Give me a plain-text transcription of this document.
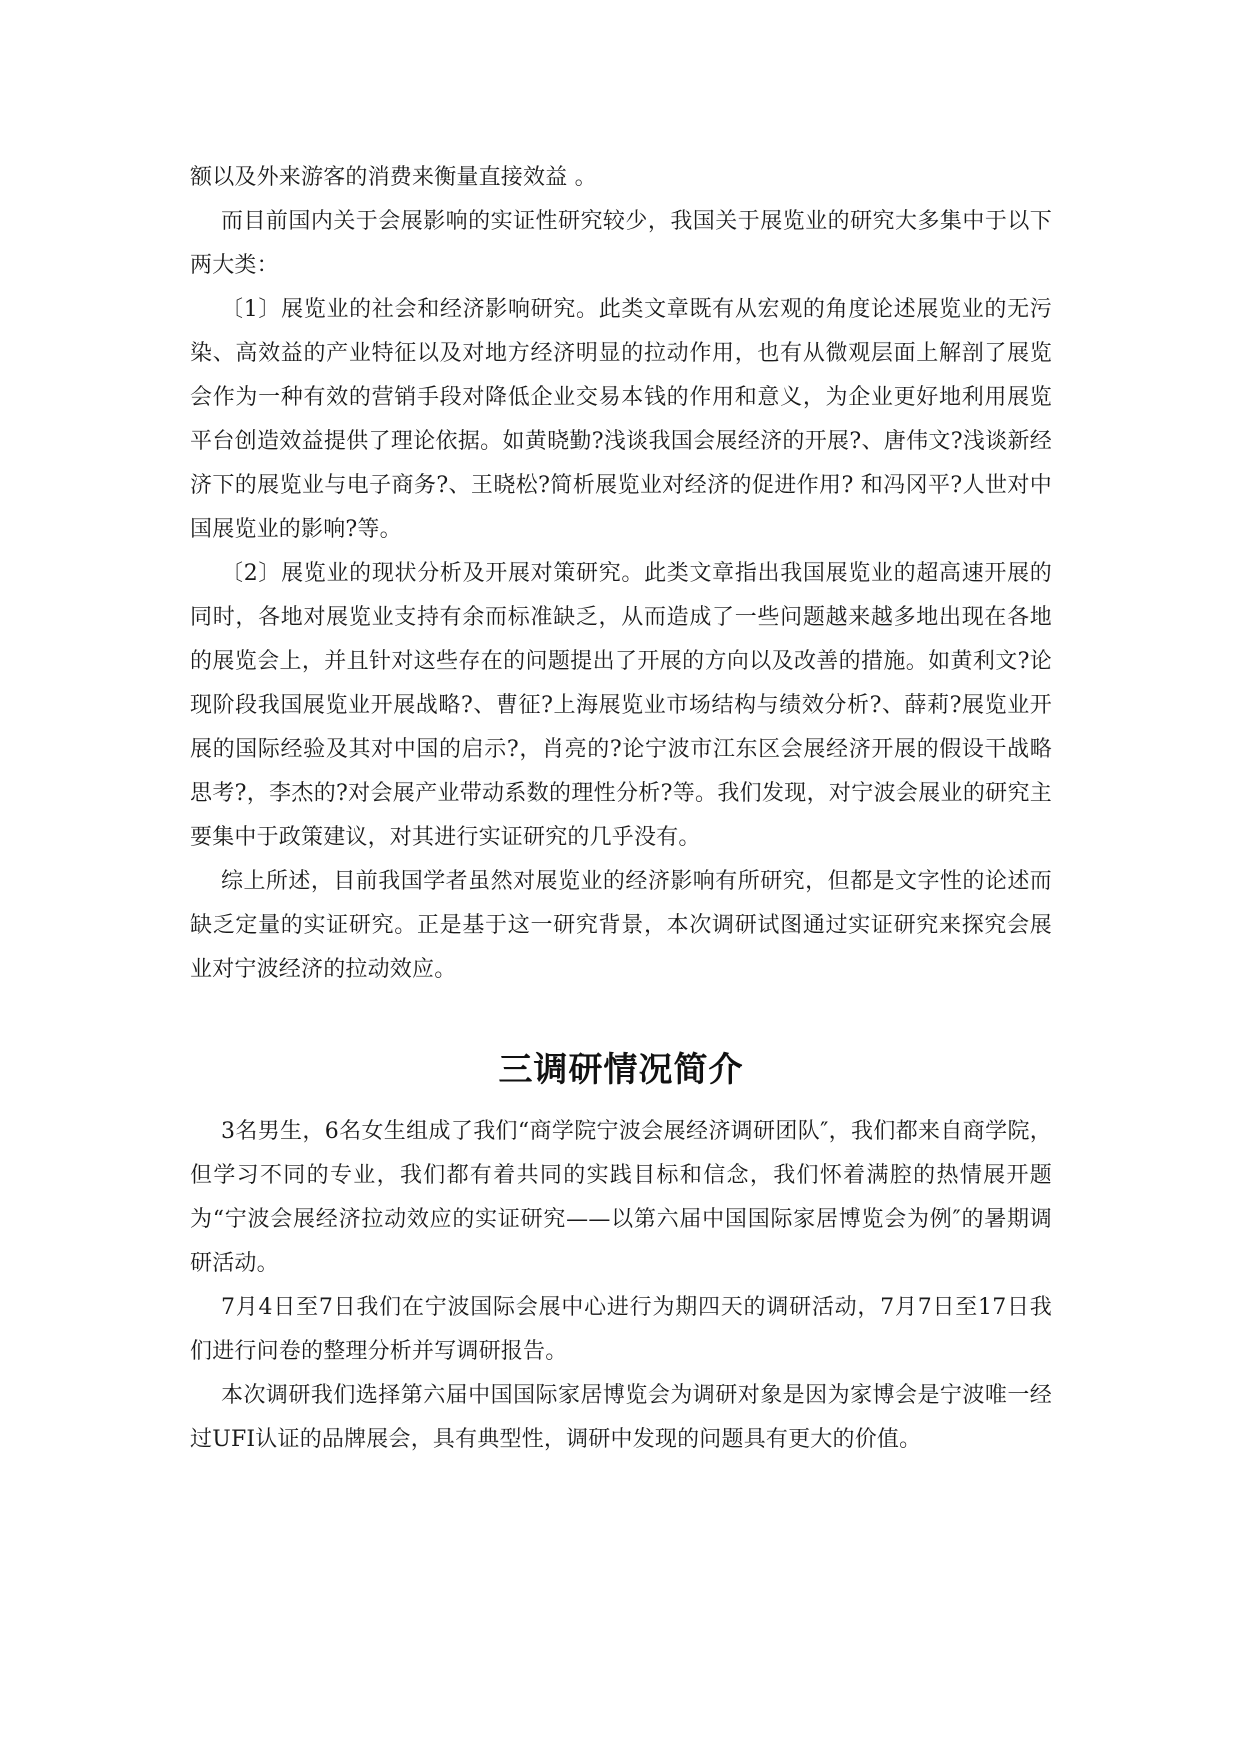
额以及外来游客的消费来衡量直接效益 。

而目前国内关于会展影响的实证性研究较少，我国关于展览业的研究大多集中于以下两大类：

〔1〕展览业的社会和经济影响研究。此类文章既有从宏观的角度论述展览业的无污染、高效益的产业特征以及对地方经济明显的拉动作用，也有从微观层面上解剖了展览会作为一种有效的营销手段对降低企业交易本钱的作用和意义，为企业更好地利用展览平台创造效益提供了理论依据。如黄晓勤?浅谈我国会展经济的开展?、唐伟文?浅谈新经济下的展览业与电子商务?、王晓松?简析展览业对经济的促进作用? 和冯冈平?人世对中国展览业的影响?等。

〔2〕展览业的现状分析及开展对策研究。此类文章指出我国展览业的超高速开展的同时，各地对展览业支持有余而标准缺乏，从而造成了一些问题越来越多地出现在各地的展览会上，并且针对这些存在的问题提出了开展的方向以及改善的措施。如黄利文?论现阶段我国展览业开展战略?、曹征?上海展览业市场结构与绩效分析?、薛莉?展览业开展的国际经验及其对中国的启示?，肖亮的?论宁波市江东区会展经济开展的假设干战略思考?，李杰的?对会展产业带动系数的理性分析?等。我们发现，对宁波会展业的研究主要集中于政策建议，对其进行实证研究的几乎没有。

综上所述，目前我国学者虽然对展览业的经济影响有所研究，但都是文字性的论述而缺乏定量的实证研究。正是基于这一研究背景，本次调研试图通过实证研究来探究会展业对宁波经济的拉动效应。

三调研情况简介

3名男生，6名女生组成了我们“商学院宁波会展经济调研团队″，我们都来自商学院，但学习不同的专业，我们都有着共同的实践目标和信念，我们怀着满腔的热情展开题为“宁波会展经济拉动效应的实证研究——以第六届中国国际家居博览会为例″的暑期调研活动。

7月4日至7日我们在宁波国际会展中心进行为期四天的调研活动，7月7日至17日我们进行问卷的整理分析并写调研报告。

本次调研我们选择第六届中国国际家居博览会为调研对象是因为家博会是宁波唯一经过UFI认证的品牌展会，具有典型性，调研中发现的问题具有更大的价值。
